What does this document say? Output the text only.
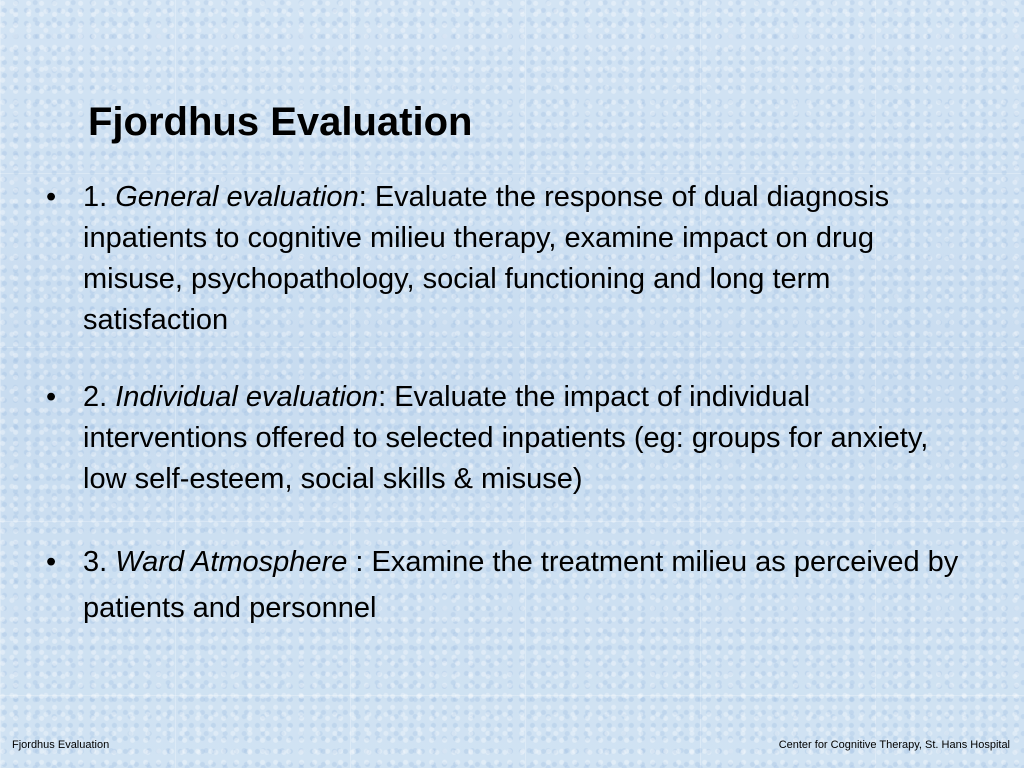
Fjordhus Evaluation
• 1. General evaluation: Evaluate the response of dual diagnosis inpatients to cognitive milieu therapy, examine impact on drug misuse, psychopathology, social functioning and long term satisfaction
• 2. Individual evaluation: Evaluate the impact of individual interventions offered to selected inpatients (eg: groups for anxiety, low self-esteem, social skills & misuse)
• 3. Ward Atmosphere : Examine the treatment milieu as perceived by patients and personnel
Fjordhus Evaluation	Center for Cognitive Therapy, St. Hans Hospital
